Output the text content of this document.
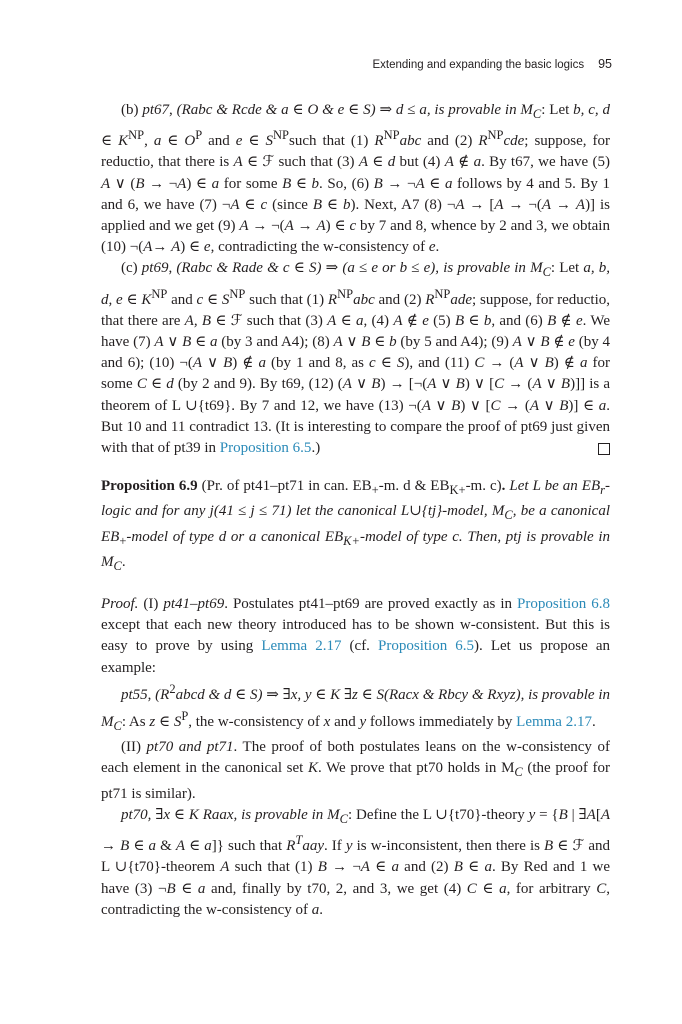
Extending and expanding the basic logics 95

(b) pt67, (Rabc & Rcde & a ∈ O & e ∈ S) ⇒ d ≤ a, is provable in $M_C$: Let b, c, d ∈ $K^{NP}$, a ∈ $O^P$ and e ∈ $S^{NP}such$ that (1) $R^{NP}abc$ and (2) $R^{NP}cde$; suppose, for reductio, that there is A ∈ ℱ such that (3) A ∈ d but (4) A ∉ a. By t67, we have (5) A ∨ (B → ¬A) ∈ a for some B ∈ b. So, (6) B → ¬A ∈ a follows by 4 and 5. By 1 and 6, we have (7) ¬A ∈ c (since B ∈ b). Next, A7 (8) ¬A → [A → ¬(A → A)] is applied and we get (9) A → ¬(A → A) ∈ c by 7 and 8, whence by 2 and 3, we obtain (10) ¬(A→ A) ∈ e, contradicting the w-consistency of e.

(c) pt69, (Rabc & Rade & c ∈ S) ⇒ (a ≤ e or b ≤ e), is provable in $M_C$: Let a, b, d, e ∈ $K^{NP}$ and c ∈ $S^{NP}$ such that (1) $R^{NP}abc$ and (2) $R^{NP}ade$; suppose, for reductio, that there are A, B ∈ ℱ such that (3) A ∈ a, (4) A ∉ e (5) B ∈ b, and (6) B ∉ e. We have (7) A ∨ B ∈ a (by 3 and A4); (8) A ∨ B ∈ b (by 5 and A4); (9) A ∨ B ∉ e (by 4 and 6); (10) ¬(A ∨ B) ∉ a (by 1 and 8, as c ∈ S), and (11) C → (A ∨ B) ∉ a for some C ∈ d (by 2 and 9). By t69, (12) (A ∨ B) → [¬(A ∨ B) ∨ [C → (A ∨ B)]] is a theorem of L ∪{t69}. By 7 and 12, we have (13) ¬(A ∨ B) ∨ [C → (A ∨ B)] ∈ a. But 10 and 11 contradict 13. (It is interesting to compare the proof of pt69 just given with that of pt39 in Proposition 6.5.)

Proposition 6.9 (Pr. of pt41–pt71 in can. $EB_+-m$. d & $EB_{K+}-m$. c). Let L be an $EB_r$-logic and for any j(41 ≤ j ≤ 71) let the canonical L∪{tj}-model, $M_C$, be a canonical $EB_+$-model of type d or a canonical $EB_{K+}$-model of type c. Then, ptj is provable in $M_C$.

Proof. (I) pt41–pt69. Postulates pt41–pt69 are proved exactly as in Proposition 6.8 except that each new theory introduced has to be shown w-consistent. But this is easy to prove by using Lemma 2.17 (cf. Proposition 6.5). Let us propose an example:

pt55, ($R^2abcd$ & d ∈ S) ⇒ ∃x, y ∈ K ∃z ∈ S(Racx & Rbcy & Rxyz), is provable in $M_C$: As z ∈ $S^P$, the w-consistency of x and y follows immediately by Lemma 2.17.

(II) pt70 and pt71. The proof of both postulates leans on the w-consistency of each element in the canonical set K. We prove that pt70 holds in $M_C$ (the proof for pt71 is similar).

pt70, ∃x ∈ K Raax, is provable in $M_C$: Define the L ∪{t70}-theory y = {B | ∃A[A → B ∈ a & A ∈ a]} such that $R^Taay$. If y is w-inconsistent, then there is B ∈ ℱ and L ∪{t70}-theorem A such that (1) B → ¬A ∈ a and (2) B ∈ a. By Red and 1 we have (3) ¬B ∈ a and, finally by t70, 2, and 3, we get (4) C ∈ a, for arbitrary C, contradicting the w-consistency of a.
